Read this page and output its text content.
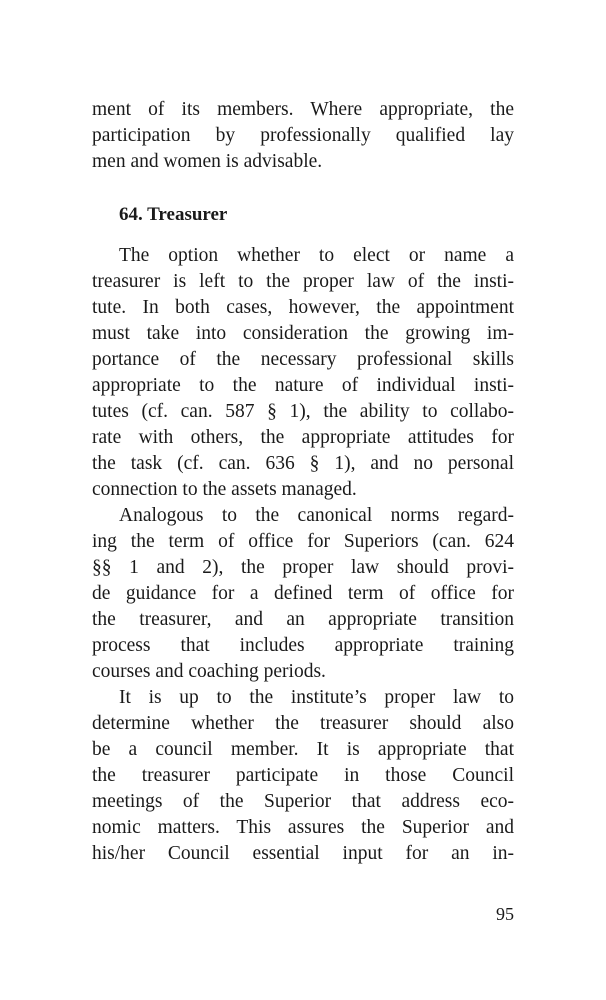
ment of its members. Where appropriate, the
participation by professionally qualified lay
men and women is advisable.
64. Treasurer
The option whether to elect or name a
treasurer is left to the proper law of the insti-
tute. In both cases, however, the appointment
must take into consideration the growing im-
portance of the necessary professional skills
appropriate to the nature of individual insti-
tutes (cf. can. 587 § 1), the ability to collabo-
rate with others, the appropriate attitudes for
the task (cf. can. 636 § 1), and no personal
connection to the assets managed.
Analogous to the canonical norms regard-
ing the term of office for Superiors (can. 624
§§ 1 and 2), the proper law should provi-
de guidance for a defined term of office for
the treasurer, and an appropriate transition
process that includes appropriate training
courses and coaching periods.
It is up to the institute’s proper law to
determine whether the treasurer should also
be a council member. It is appropriate that
the treasurer participate in those Council
meetings of the Superior that address eco-
nomic matters. This assures the Superior and
his/her Council essential input for an in-
95
